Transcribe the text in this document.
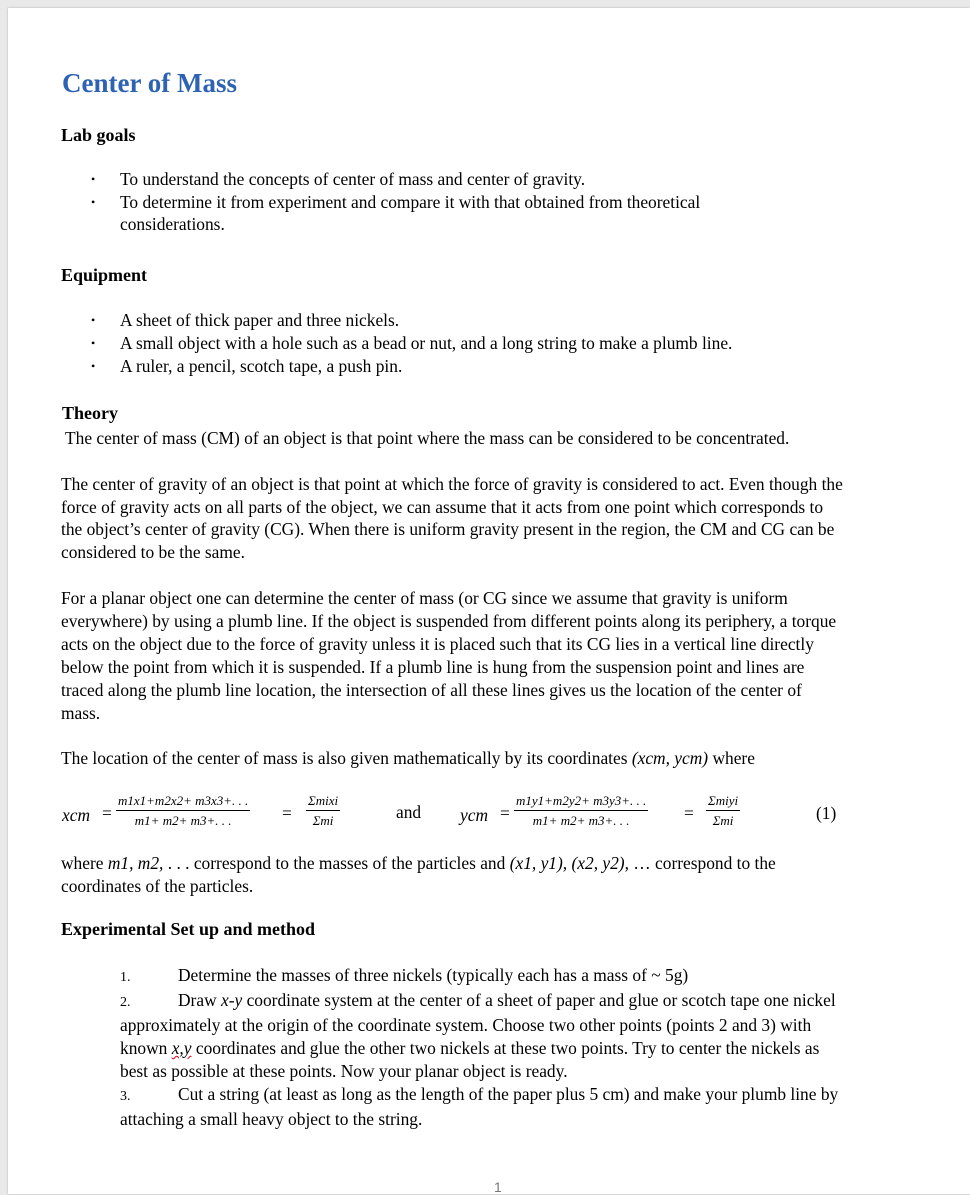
Center of Mass
Lab goals
• To understand the concepts of center of mass and center of gravity.
• To determine it from experiment and compare it with that obtained from theoretical
considerations.
Equipment
• A sheet of thick paper and three nickels.
• A small object with a hole such as a bead or nut, and a long string to make a plumb line.
• A ruler, a pencil, scotch tape, a push pin.
Theory
The center of mass (CM) of an object is that point where the mass can be considered to be concentrated.
The center of gravity of an object is that point at which the force of gravity is considered to act. Even though the
force of gravity acts on all parts of the object, we can assume that it acts from one point which corresponds to
the object’s center of gravity (CG). When there is uniform gravity present in the region, the CM and CG can be
considered to be the same.
For a planar object one can determine the center of mass (or CG since we assume that gravity is uniform
everywhere) by using a plumb line. If the object is suspended from different points along its periphery, a torque
acts on the object due to the force of gravity unless it is placed such that its CG lies in a vertical line directly
below the point from which it is suspended. If a plumb line is hung from the suspension point and lines are
traced along the plumb line location, the intersection of all these lines gives us the location of the center of
mass.
The location of the center of mass is also given mathematically by its coordinates (xcm, ycm) where
xcm = $\frac{m1x1+m2x2+ m3x3+. . .}{m1+ m2+ m3+. . .}$ =
Σmixi
Σmi	and ycm = $\frac{m1y1+m2y2+ m3y3+. . .}{m1+ m2+ m3+. . .}$ =
Σmiyi
Σmi	(1)
where m1, m2, . . . correspond to the masses of the particles and (x1, y1), (x2, y2), … correspond to the
coordinates of the particles.
Experimental Set up and method
1.	Determine the masses of three nickels (typically each has a mass of ~ 5g)
2.	Draw x-y coordinate system at the center of a sheet of paper and glue or scotch tape one nickel
approximately at the origin of the coordinate system. Choose two other points (points 2 and 3) with
known x,y coordinates and glue the other two nickels at these two points. Try to center the nickels as
best as possible at these points. Now your planar object is ready.
3.	Cut a string (at least as long as the length of the paper plus 5 cm) and make your plumb line by
attaching a small heavy object to the string.
1
